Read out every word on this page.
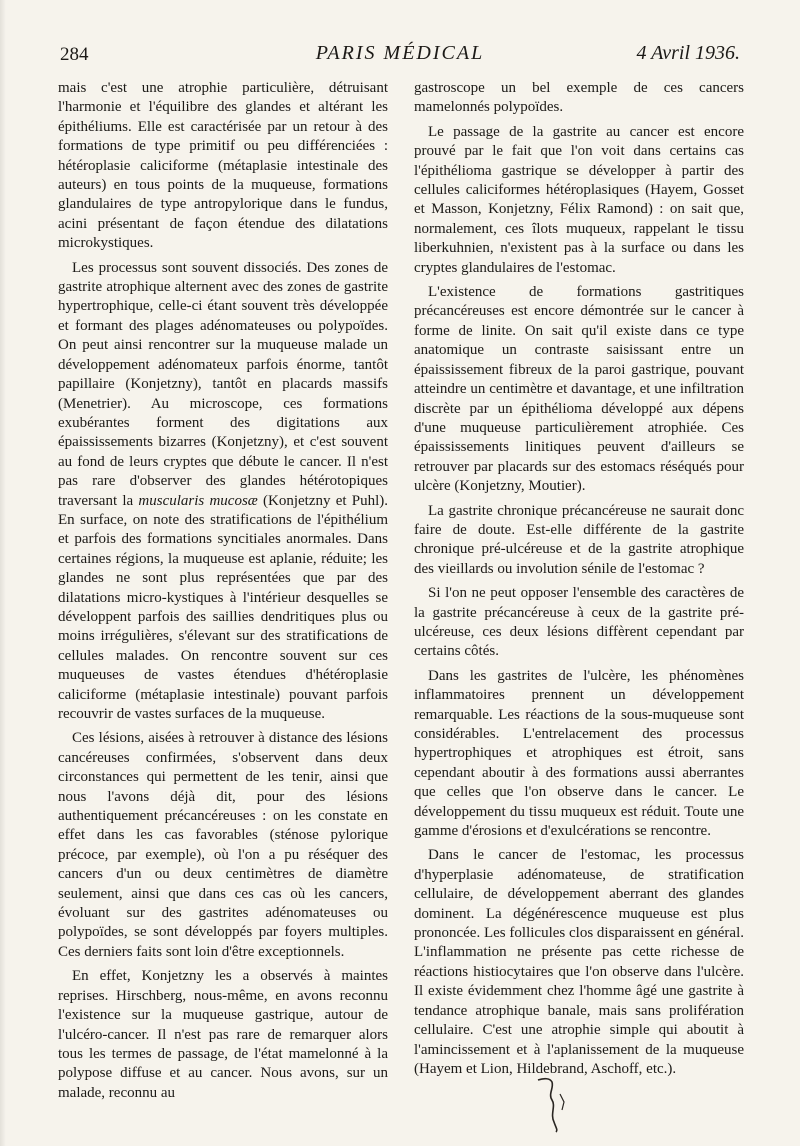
284	PARIS MÉDICAL	4 Avril 1936.

mais c'est une atrophie particulière, détruisant l'harmonie et l'équilibre des glandes et altérant les épithéliums. Elle est caractérisée par un retour à des formations de type primitif ou peu différenciées : hétéroplasie caliciforme (métaplasie intestinale des auteurs) en tous points de la muqueuse, formations glandulaires de type antropylorique dans le fundus, acini présentant de façon étendue des dilatations microkystiques.

Les processus sont souvent dissociés. Des zones de gastrite atrophique alternent avec des zones de gastrite hypertrophique, celle-ci étant souvent très développée et formant des plages adénomateuses ou polypoïdes. On peut ainsi rencontrer sur la muqueuse malade un développement adénomateux parfois énorme, tantôt papillaire (Konjetzny), tantôt en placards massifs (Menetrier). Au microscope, ces formations exubérantes forment des digitations aux épaississements bizarres (Konjetzny), et c'est souvent au fond de leurs cryptes que débute le cancer. Il n'est pas rare d'observer des glandes hétérotopiques traversant la muscularis mucosæ (Konjetzny et Puhl). En surface, on note des stratifications de l'épithélium et parfois des formations syncitiales anormales. Dans certaines régions, la muqueuse est aplanie, réduite; les glandes ne sont plus représentées que par des dilatations micro-kystiques à l'intérieur desquelles se développent parfois des saillies dendritiques plus ou moins irrégulières, s'élevant sur des stratifications de cellules malades. On rencontre souvent sur ces muqueuses de vastes étendues d'hétéroplasie caliciforme (métaplasie intestinale) pouvant parfois recouvrir de vastes surfaces de la muqueuse.

Ces lésions, aisées à retrouver à distance des lésions cancéreuses confirmées, s'observent dans deux circonstances qui permettent de les tenir, ainsi que nous l'avons déjà dit, pour des lésions authentiquement précancéreuses : on les constate en effet dans les cas favorables (sténose pylorique précoce, par exemple), où l'on a pu réséquer des cancers d'un ou deux centimètres de diamètre seulement, ainsi que dans ces cas où les cancers, évoluant sur des gastrites adénomateuses ou polypoïdes, se sont développés par foyers multiples. Ces derniers faits sont loin d'être exceptionnels.

En effet, Konjetzny les a observés à maintes reprises. Hirschberg, nous-même, en avons reconnu l'existence sur la muqueuse gastrique, autour de l'ulcéro-cancer. Il n'est pas rare de remarquer alors tous les termes de passage, de l'état mamelonné à la polypose diffuse et au cancer. Nous avons, sur un malade, reconnu au

gastroscope un bel exemple de ces cancers mamelonnés polypoïdes.

Le passage de la gastrite au cancer est encore prouvé par le fait que l'on voit dans certains cas l'épithélioma gastrique se développer à partir des cellules caliciformes hétéroplasiques (Hayem, Gosset et Masson, Konjetzny, Félix Ramond) : on sait que, normalement, ces îlots muqueux, rappelant le tissu liberkuhnien, n'existent pas à la surface ou dans les cryptes glandulaires de l'estomac.

L'existence de formations gastritiques précancéreuses est encore démontrée sur le cancer à forme de linite. On sait qu'il existe dans ce type anatomique un contraste saisissant entre un épaississement fibreux de la paroi gastrique, pouvant atteindre un centimètre et davantage, et une infiltration discrète par un épithélioma développé aux dépens d'une muqueuse particulièrement atrophiée. Ces épaississements linitiques peuvent d'ailleurs se retrouver par placards sur des estomacs réséqués pour ulcère (Konjetzny, Moutier).

La gastrite chronique précancéreuse ne saurait donc faire de doute. Est-elle différente de la gastrite chronique pré-ulcéreuse et de la gastrite atrophique des vieillards ou involution sénile de l'estomac ?

Si l'on ne peut opposer l'ensemble des caractères de la gastrite précancéreuse à ceux de la gastrite pré-ulcéreuse, ces deux lésions diffèrent cependant par certains côtés.

Dans les gastrites de l'ulcère, les phénomènes inflammatoires prennent un développement remarquable. Les réactions de la sous-muqueuse sont considérables. L'entrelacement des processus hypertrophiques et atrophiques est étroit, sans cependant aboutir à des formations aussi aberrantes que celles que l'on observe dans le cancer. Le développement du tissu muqueux est réduit. Toute une gamme d'érosions et d'exulcérations se rencontre.

Dans le cancer de l'estomac, les processus d'hyperplasie adénomateuse, de stratification cellulaire, de développement aberrant des glandes dominent. La dégénérescence muqueuse est plus prononcée. Les follicules clos disparaissent en général. L'inflammation ne présente pas cette richesse de réactions histiocytaires que l'on observe dans l'ulcère. Il existe évidemment chez l'homme âgé une gastrite à tendance atrophique banale, mais sans prolifération cellulaire. C'est une atrophie simple qui aboutit à l'amincissement et à l'aplanissement de la muqueuse (Hayem et Lion, Hildebrand, Aschoff, etc.).
